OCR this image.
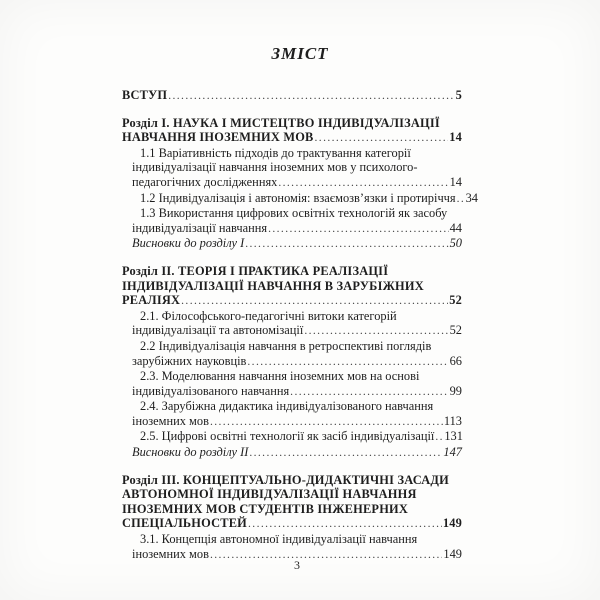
ЗМІСТ
ВСТУП .....	5
Розділ I. НАУКА І МИСТЕЦТВО ІНДИВІДУАЛІЗАЦІЇ
НАВЧАННЯ ІНОЗЕМНИХ МОВ .....	14
1.1 Варіативність підходів до трактування категорії
індивідуалізації навчання іноземних мов у психолого-
педагогічних дослідженнях .....	14
1.2 Індивідуалізація і автономія: взаємозв’язки і протиріччя ..... 34
1.3 Використання цифрових освітніх технологій як засобу
індивідуалізації навчання .....	44
Висновки до розділу I .....	50
Розділ II. ТЕОРІЯ І ПРАКТИКА РЕАЛІЗАЦІЇ
ІНДИВІДУАЛІЗАЦІЇ НАВЧАННЯ В ЗАРУБІЖНИХ
РЕАЛІЯХ .....	52
2.1. Філософського-педагогічні витоки категорій
індивідуалізації та автономізації .....	52
2.2 Індивідуалізація навчання в ретроспективі поглядів
зарубіжних науковців .....	66
2.3. Моделювання навчання іноземних мов на основі
індивідуалізованого навчання .....	99
2.4. Зарубіжна дидактика індивідуалізованого навчання
іноземних мов .....	113
2.5. Цифрові освітні технології як засіб індивідуалізації ..... 131
Висновки до розділу II .....	147
Розділ III. КОНЦЕПТУАЛЬНО-ДИДАКТИЧНІ ЗАСАДИ
АВТОНОМНОЇ ІНДИВІДУАЛІЗАЦІЇ НАВЧАННЯ
ІНОЗЕМНИХ МОВ СТУДЕНТІВ ІНЖЕНЕРНИХ
СПЕЦІАЛЬНОСТЕЙ .....	149
3.1. Концепція автономної індивідуалізації навчання
іноземних мов .....	149
3
